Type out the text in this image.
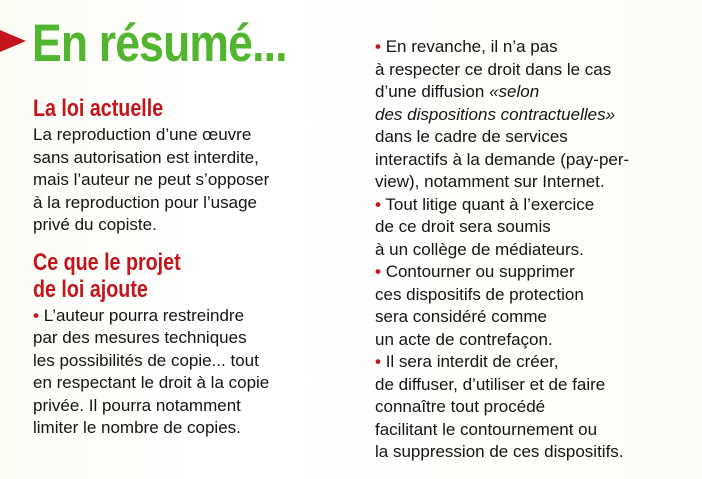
En résumé...
La loi actuelle

La reproduction d’une œuvre
sans autorisation est interdite,
mais l’auteur ne peut s’opposer
à la reproduction pour l’usage
privé du copiste.

Ce que le projet
de loi ajoute

• L’auteur pourra restreindre
par des mesures techniques
les possibilités de copie... tout
en respectant le droit à la copie
privée. Il pourra notamment
limiter le nombre de copies.

• En revanche, il n’a pas
à respecter ce droit dans le cas
d’une diffusion «selon
des dispositions contractuelles»
dans le cadre de services
interactifs à la demande (pay-per-
view), notamment sur Internet.

• Tout litige quant à l’exercice
de ce droit sera soumis
à un collège de médiateurs.

• Contourner ou supprimer
ces dispositifs de protection
sera considéré comme
un acte de contrefaçon.

• Il sera interdit de créer,
de diffuser, d’utiliser et de faire
connaître tout procédé
facilitant le contournement ou
la suppression de ces dispositifs.
